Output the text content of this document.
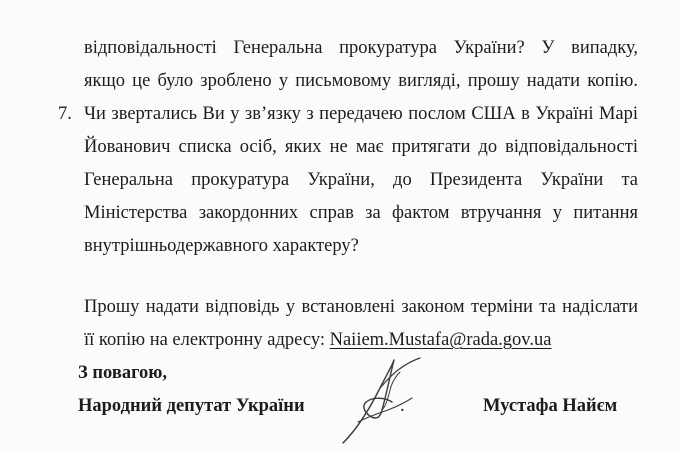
відповідальності Генеральна прокуратура України? У випадку,
якщо це було зроблено у письмовому вигляді, прошу надати копію.
7. Чи звертались Ви у зв’язку з передачею послом США в Україні Марі
Йованович списка осіб, яких не має притягати до відповідальності
Генеральна прокуратура України, до Президента України та
Міністерства закордонних справ за фактом втручання у питання
внутрішньодержавного характеру?
Прошу надати відповідь у встановлені законом терміни та надіслати
її копію на електронну адресу: Naiiem.Mustafa@rada.gov.ua
З повагою,
Народний депутат України	.	Мустафа Найєм
